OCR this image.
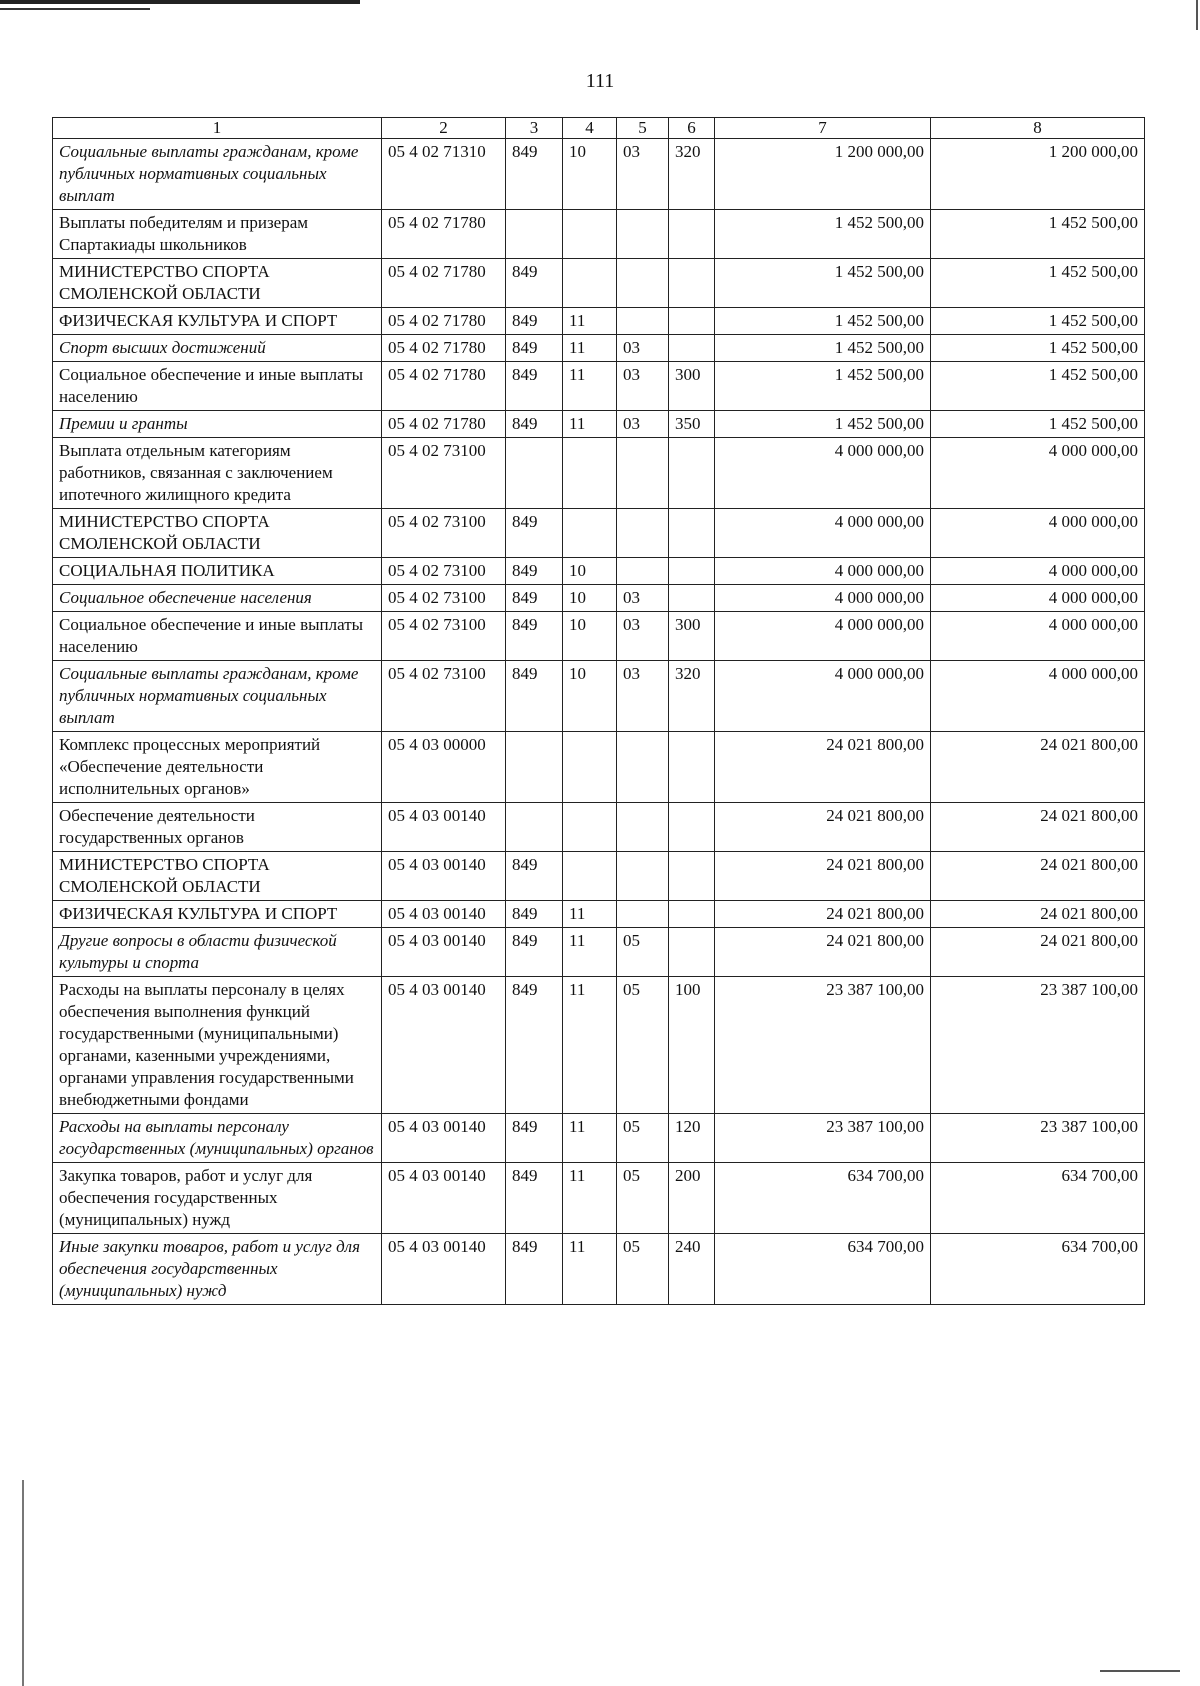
111
1	2	3	4	5	6	7	8
Социальные выплаты гражданам, кроме публичных нормативных социальных выплат	05 4 02 71310	849	10	03	320	1 200 000,00	1 200 000,00
Выплаты победителям и призерам Спартакиады школьников	05 4 02 71780					1 452 500,00	1 452 500,00
МИНИСТЕРСТВО СПОРТА СМОЛЕНСКОЙ ОБЛАСТИ	05 4 02 71780	849				1 452 500,00	1 452 500,00
ФИЗИЧЕСКАЯ КУЛЬТУРА И СПОРТ	05 4 02 71780	849	11			1 452 500,00	1 452 500,00
Спорт высших достижений	05 4 02 71780	849	11	03		1 452 500,00	1 452 500,00
Социальное обеспечение и иные выплаты населению	05 4 02 71780	849	11	03	300	1 452 500,00	1 452 500,00
Премии и гранты	05 4 02 71780	849	11	03	350	1 452 500,00	1 452 500,00
Выплата отдельным категориям работников, связанная с заключением ипотечного жилищного кредита	05 4 02 73100					4 000 000,00	4 000 000,00
МИНИСТЕРСТВО СПОРТА СМОЛЕНСКОЙ ОБЛАСТИ	05 4 02 73100	849				4 000 000,00	4 000 000,00
СОЦИАЛЬНАЯ ПОЛИТИКА	05 4 02 73100	849	10			4 000 000,00	4 000 000,00
Социальное обеспечение населения	05 4 02 73100	849	10	03		4 000 000,00	4 000 000,00
Социальное обеспечение и иные выплаты населению	05 4 02 73100	849	10	03	300	4 000 000,00	4 000 000,00
Социальные выплаты гражданам, кроме публичных нормативных социальных выплат	05 4 02 73100	849	10	03	320	4 000 000,00	4 000 000,00
Комплекс процессных мероприятий «Обеспечение деятельности исполнительных органов»	05 4 03 00000					24 021 800,00	24 021 800,00
Обеспечение деятельности государственных органов	05 4 03 00140					24 021 800,00	24 021 800,00
МИНИСТЕРСТВО СПОРТА СМОЛЕНСКОЙ ОБЛАСТИ	05 4 03 00140	849				24 021 800,00	24 021 800,00
ФИЗИЧЕСКАЯ КУЛЬТУРА И СПОРТ	05 4 03 00140	849	11			24 021 800,00	24 021 800,00
Другие вопросы в области физической культуры и спорта	05 4 03 00140	849	11	05		24 021 800,00	24 021 800,00
Расходы на выплаты персоналу в целях обеспечения выполнения функций государственными (муниципальными) органами, казенными учреждениями, органами управления государственными внебюджетными фондами	05 4 03 00140	849	11	05	100	23 387 100,00	23 387 100,00
Расходы на выплаты персоналу государственных (муниципальных) органов	05 4 03 00140	849	11	05	120	23 387 100,00	23 387 100,00
Закупка товаров, работ и услуг для обеспечения государственных (муниципальных) нужд	05 4 03 00140	849	11	05	200	634 700,00	634 700,00
Иные закупки товаров, работ и услуг для обеспечения государственных (муниципальных) нужд	05 4 03 00140	849	11	05	240	634 700,00	634 700,00
